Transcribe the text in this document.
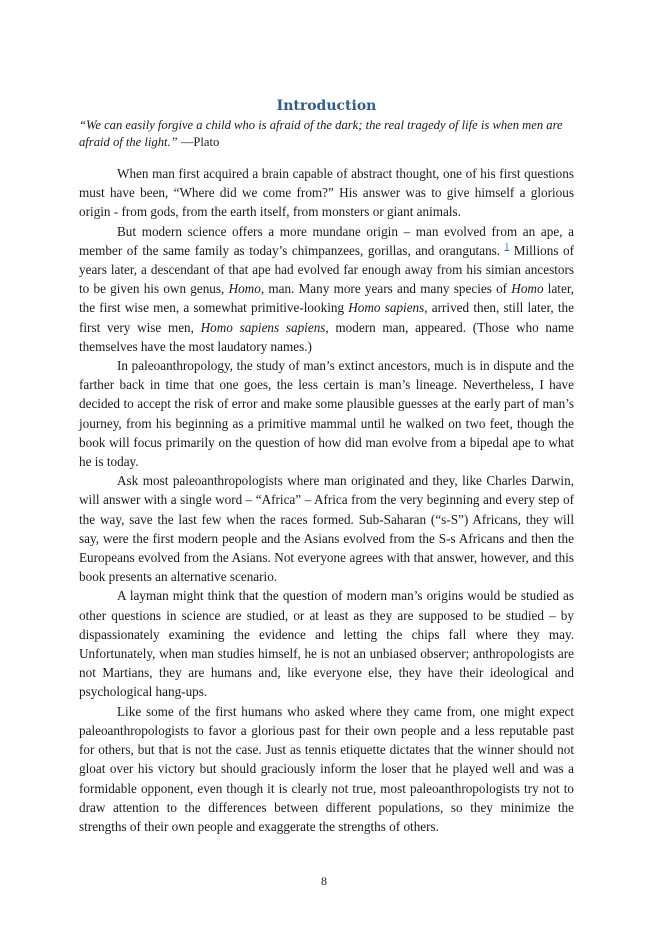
Introduction

“We can easily forgive a child who is afraid of the dark; the real tragedy of life is when men are afraid of the light.” —Plato

When man first acquired a brain capable of abstract thought, one of his first questions must have been, “Where did we come from?” His answer was to give himself a glorious origin - from gods, from the earth itself, from monsters or giant animals.

But modern science offers a more mundane origin – man evolved from an ape, a member of the same family as today’s chimpanzees, gorillas, and orangutans. $^1$ Millions of years later, a descendant of that ape had evolved far enough away from his simian ancestors to be given his own genus, Homo, man. Many more years and many species of Homo later, the first wise men, a somewhat primitive-looking Homo sapiens, arrived then, still later, the first very wise men, Homo sapiens sapiens, modern man, appeared. (Those who name themselves have the most laudatory names.)

In paleoanthropology, the study of man’s extinct ancestors, much is in dispute and the farther back in time that one goes, the less certain is man’s lineage. Nevertheless, I have decided to accept the risk of error and make some plausible guesses at the early part of man’s journey, from his beginning as a primitive mammal until he walked on two feet, though the book will focus primarily on the question of how did man evolve from a bipedal ape to what he is today.

Ask most paleoanthropologists where man originated and they, like Charles Darwin, will answer with a single word – “Africa” – Africa from the very beginning and every step of the way, save the last few when the races formed. Sub-Saharan (“s-S”) Africans, they will say, were the first modern people and the Asians evolved from the S-s Africans and then the Europeans evolved from the Asians. Not everyone agrees with that answer, however, and this book presents an alternative scenario.

A layman might think that the question of modern man’s origins would be studied as other questions in science are studied, or at least as they are supposed to be studied – by dispassionately examining the evidence and letting the chips fall where they may. Unfortunately, when man studies himself, he is not an unbiased observer; anthropologists are not Martians, they are humans and, like everyone else, they have their ideological and psychological hang-ups.

Like some of the first humans who asked where they came from, one might expect paleoanthropologists to favor a glorious past for their own people and a less reputable past for others, but that is not the case. Just as tennis etiquette dictates that the winner should not gloat over his victory but should graciously inform the loser that he played well and was a formidable opponent, even though it is clearly not true, most paleoanthropologists try not to draw attention to the differences between different populations, so they minimize the strengths of their own people and exaggerate the strengths of others.

8
